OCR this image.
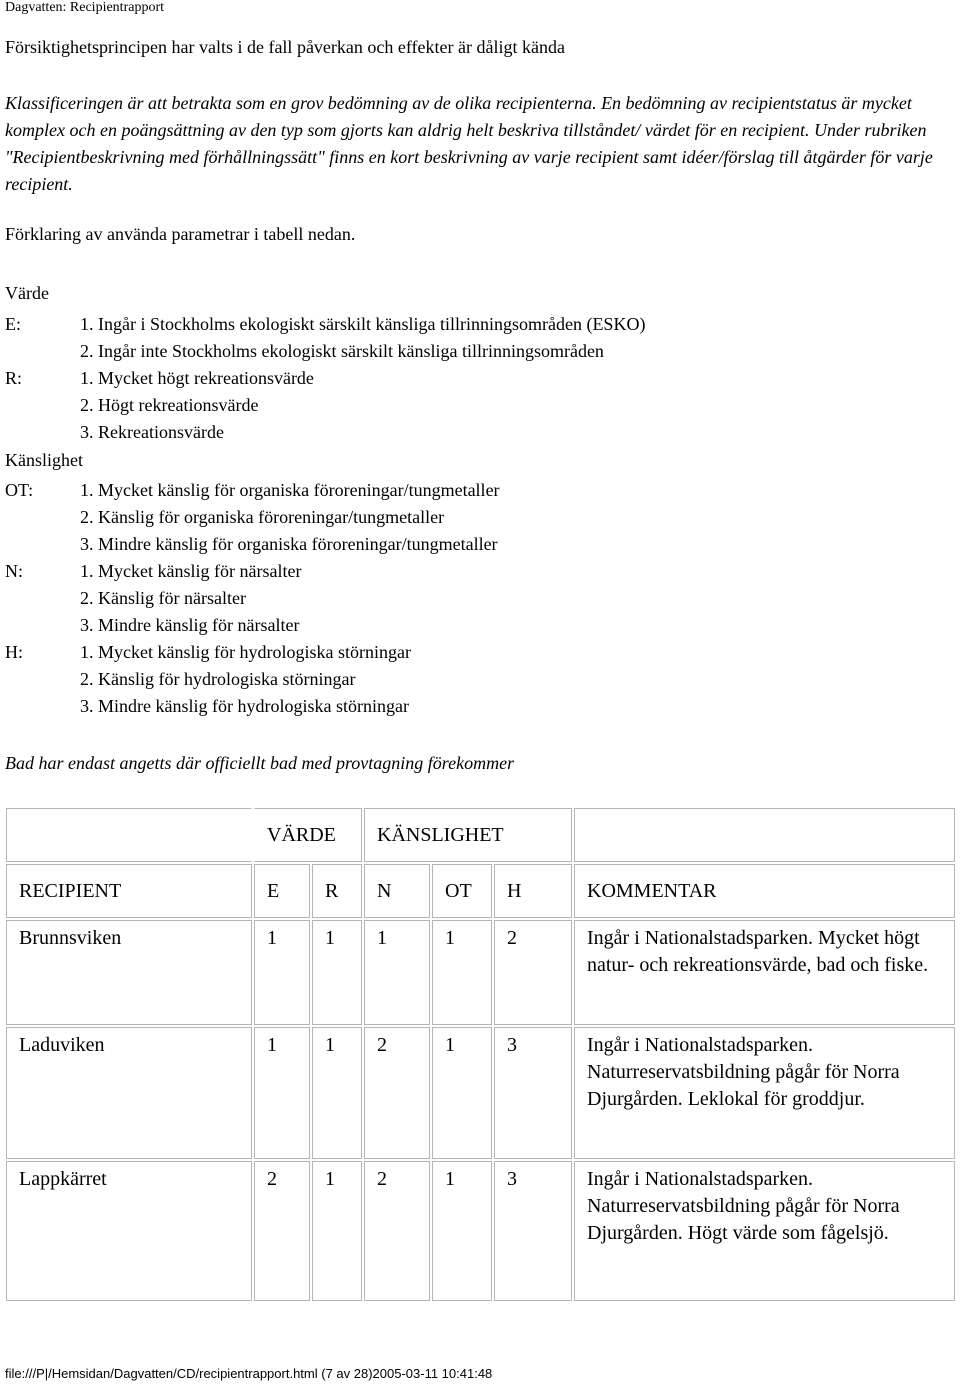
Dagvatten: Recipientrapport
Försiktighetsprincipen har valts i de fall påverkan och effekter är dåligt kända
Klassificeringen är att betrakta som en grov bedömning av de olika recipienterna. En bedömning av recipientstatus är mycket komplex och en poängsättning av den typ som gjorts kan aldrig helt beskriva tillståndet/ värdet för en recipient. Under rubriken "Recipientbeskrivning med förhållningssätt" finns en kort beskrivning av varje recipient samt idéer/förslag till åtgärder för varje recipient.
Förklaring av använda parametrar i tabell nedan.
Värde
E:	1. Ingår i Stockholms ekologiskt särskilt känsliga tillrinningsområden (ESKO)
2. Ingår inte Stockholms ekologiskt särskilt känsliga tillrinningsområden
R:	1. Mycket högt rekreationsvärde
2. Högt rekreationsvärde
3. Rekreationsvärde
Känslighet
OT:	1. Mycket känslig för organiska föroreningar/tungmetaller
2. Känslig för organiska föroreningar/tungmetaller
3. Mindre känslig för organiska föroreningar/tungmetaller
N:	1. Mycket känslig för närsalter
2. Känslig för närsalter
3. Mindre känslig för närsalter
H:	1. Mycket känslig för hydrologiska störningar
2. Känslig för hydrologiska störningar
3. Mindre känslig för hydrologiska störningar
Bad har endast angetts där officiellt bad med provtagning förekommer
	VÄRDE		KÄNSLIGHET			
RECIPIENT	E	R	N	OT	H	KOMMENTAR
Brunnsviken	1	1	1	1	2	Ingår i Nationalstadsparken. Mycket högt natur- och rekreationsvärde, bad och fiske.
Laduviken	1	1	2	1	3	Ingår i Nationalstadsparken. Naturreservatsbildning pågår för Norra Djurgården. Leklokal för groddjur.
Lappkärret	2	1	2	1	3	Ingår i Nationalstadsparken. Naturreservatsbildning pågår för Norra Djurgården. Högt värde som fågelsjö.
file:///P|/Hemsidan/Dagvatten/CD/recipientrapport.html (7 av 28)2005-03-11 10:41:48
